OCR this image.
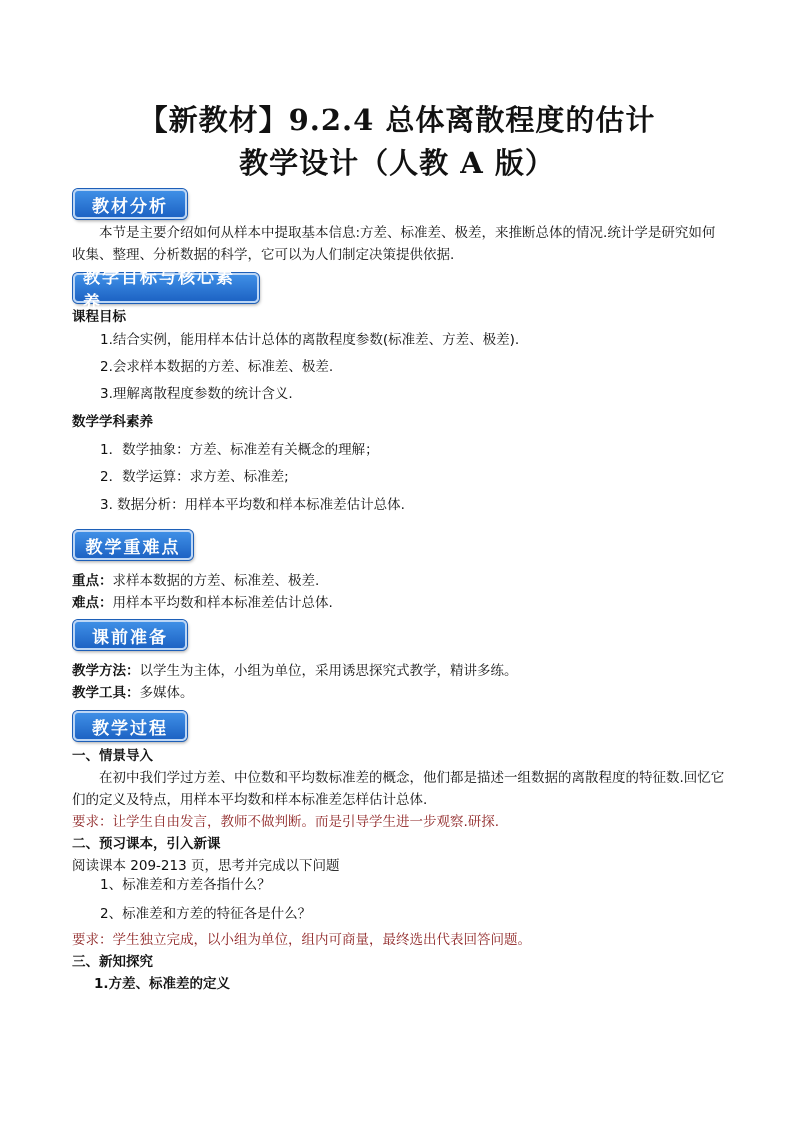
【新教材】9.2.4 总体离散程度的估计
教学设计（人教 A 版）
教材分析
本节是主要介绍如何从样本中提取基本信息:方差、标准差、极差，来推断总体的情况.统计学是研究如何收集、整理、分析数据的科学，它可以为人们制定决策提供依据.
教学目标与核心素养
课程目标
1.结合实例，能用样本估计总体的离散程度参数(标准差、方差、极差).
2.会求样本数据的方差、标准差、极差.
3.理解离散程度参数的统计含义.
数学学科素养
1．数学抽象：方差、标准差有关概念的理解；
2．数学运算：求方差、标准差;
3. 数据分析：用样本平均数和样本标准差估计总体.
教学重难点
重点：求样本数据的方差、标准差、极差.
难点：用样本平均数和样本标准差估计总体.
课前准备
教学方法：以学生为主体，小组为单位，采用诱思探究式教学，精讲多练。
教学工具：多媒体。
教学过程
一、情景导入
在初中我们学过方差、中位数和平均数标准差的概念，他们都是描述一组数据的离散程度的特征数.回忆它们的定义及特点，用样本平均数和样本标准差怎样估计总体.
要求：让学生自由发言，教师不做判断。而是引导学生进一步观察.研探.
二、预习课本，引入新课
阅读课本 209-213 页，思考并完成以下问题
1、标准差和方差各指什么？
2、标准差和方差的特征各是什么？
要求：学生独立完成，以小组为单位，组内可商量，最终选出代表回答问题。
三、新知探究
1.方差、标准差的定义
